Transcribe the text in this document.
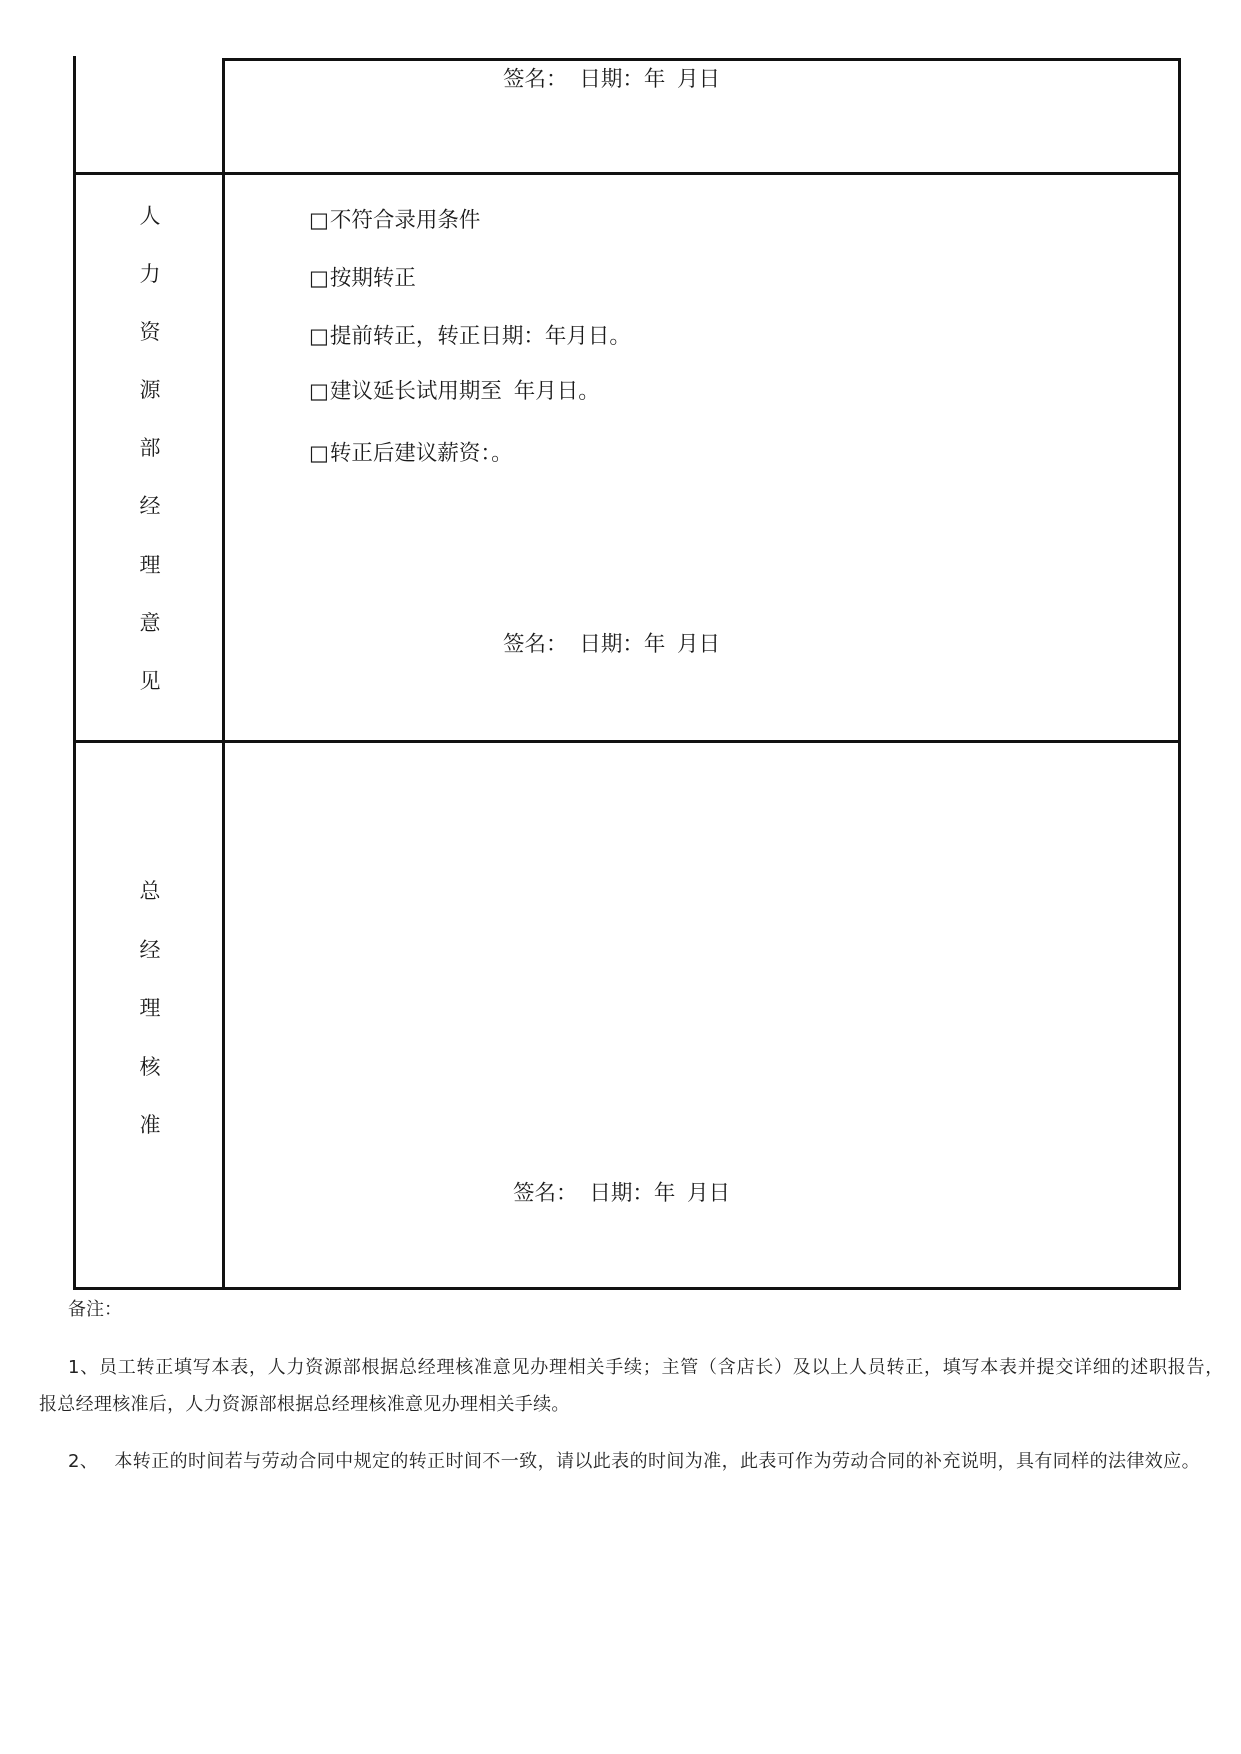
签名： 日期：年 月日
人力资源部经理意见

□不符合录用条件

□按期转正

□提前转正，转正日期：年月日。

□建议延长试用期至 年月日。

□转正后建议薪资：。

签名： 日期：年 月日
总经理核准
签名： 日期：年 月日
备注：
1、员工转正填写本表，人力资源部根据总经理核准意见办理相关手续；主管（含店长）及以上人员转正，填写本表并提交详细的述职报告，
报总经理核准后，人力资源部根据总经理核准意见办理相关手续。
2、 本转正的时间若与劳动合同中规定的转正时间不一致，请以此表的时间为准，此表可作为劳动合同的补充说明，具有同样的法律效应。
